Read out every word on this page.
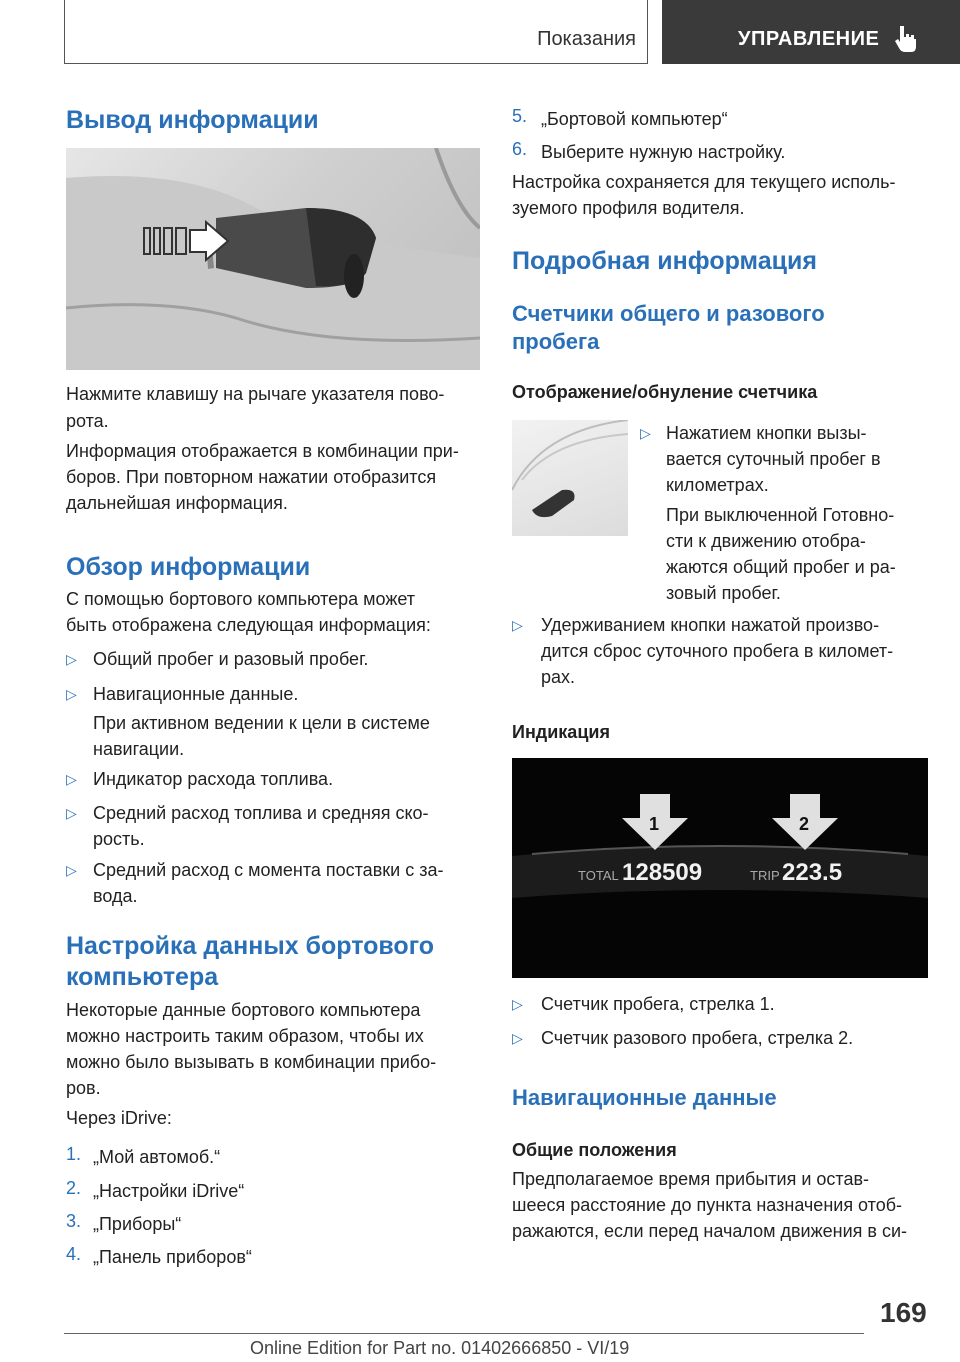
Показания	УПРАВЛЕНИЕ
Вывод информации
Нажмите клавишу на рычаге указателя пово-
рота.
Информация отображается в комбинации при-
боров. При повторном нажатии отобразится
дальнейшая информация.
Обзор информации
С помощью бортового компьютера может
быть отображена следующая информация:
▷ Общий пробег и разовый пробег.
▷ Навигационные данные.
При активном ведении к цели в системе
навигации.
▷ Индикатор расхода топлива.
▷ Средний расход топлива и средняя ско-
рость.
▷ Средний расход с момента поставки с за-
вода.
Настройка данных бортового
компьютера
Некоторые данные бортового компьютера
можно настроить таким образом, чтобы их
можно было вызывать в комбинации прибо-
ров.
Через iDrive:
1. „Мой автомоб.“
2. „Настройки iDrive“
3. „Приборы“
4. „Панель приборов“
5. „Бортовой компьютер“
6. Выберите нужную настройку.
Настройка сохраняется для текущего исполь-
зуемого профиля водителя.
Подробная информация
Счетчики общего и разового
пробега
Отображение/обнуление счетчика
▷ Нажатием кнопки вызы-
вается суточный пробег в
километрах.
При выключенной Готовно-
сти к движению отобра-
жаются общий пробег и ра-
зовый пробег.
▷ Удерживанием кнопки нажатой произво-
дится сброс суточного пробега в километ-
рах.
Индикация
1	2
TOTAL 128509	TRIP 223.5
▷ Счетчик пробега, стрелка 1.
▷ Счетчик разового пробега, стрелка 2.
Навигационные данные
Общие положения
Предполагаемое время прибытия и остав-
шееся расстояние до пункта назначения отоб-
ражаются, если перед началом движения в си-
169
Online Edition for Part no. 01402666850 - VI/19
